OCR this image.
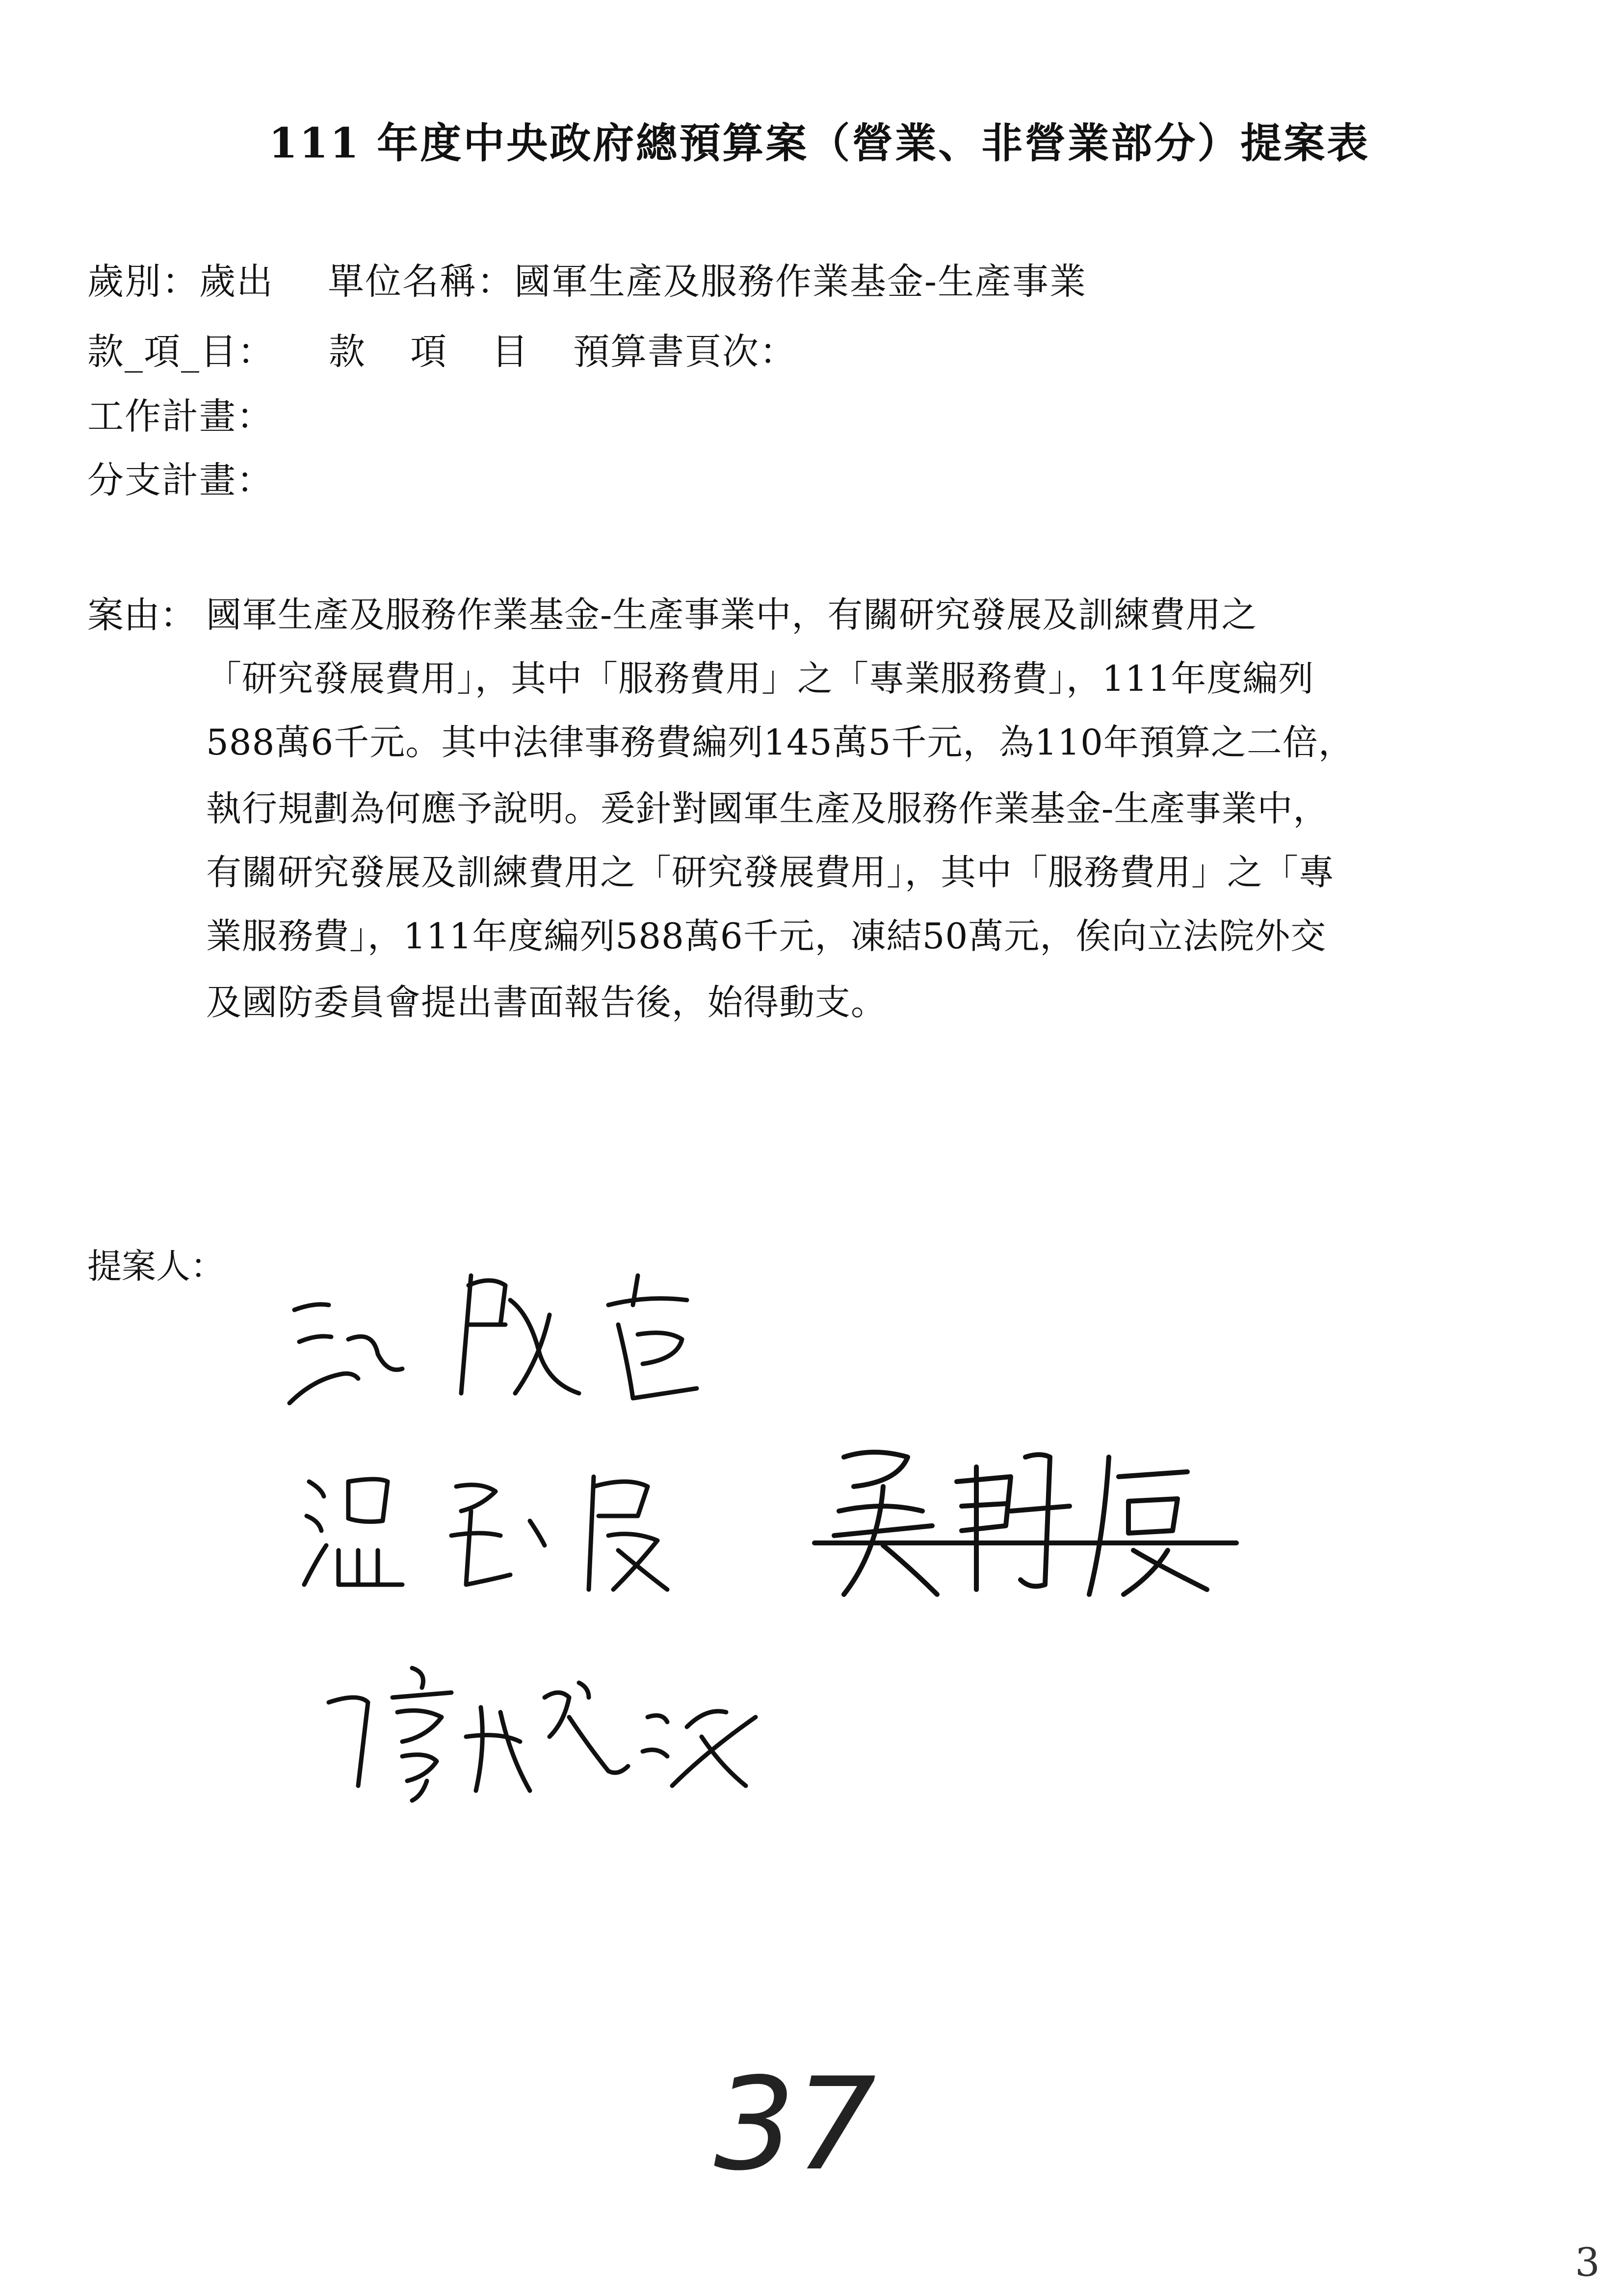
111 年度中央政府總預算案（營業、非營業部分）提案表
歲別：歲出 單位名稱：國軍生產及服務作業基金-生產事業
款_項_目： 款 項 目 預算書頁次：
工作計畫：
分支計畫：
案由： 國軍生產及服務作業基金-生產事業中，有關研究發展及訓練費用之
「研究發展費用」，其中「服務費用」之「專業服務費」，111年度編列
588萬6千元。其中法律事務費編列145萬5千元，為110年預算之二倍，
執行規劃為何應予說明。爰針對國軍生產及服務作業基金-生產事業中，
有關研究發展及訓練費用之「研究發展費用」，其中「服務費用」之「專
業服務費」，111年度編列588萬6千元，凍結50萬元，俟向立法院外交
及國防委員會提出書面報告後，始得動支。
提案人：
37
3
